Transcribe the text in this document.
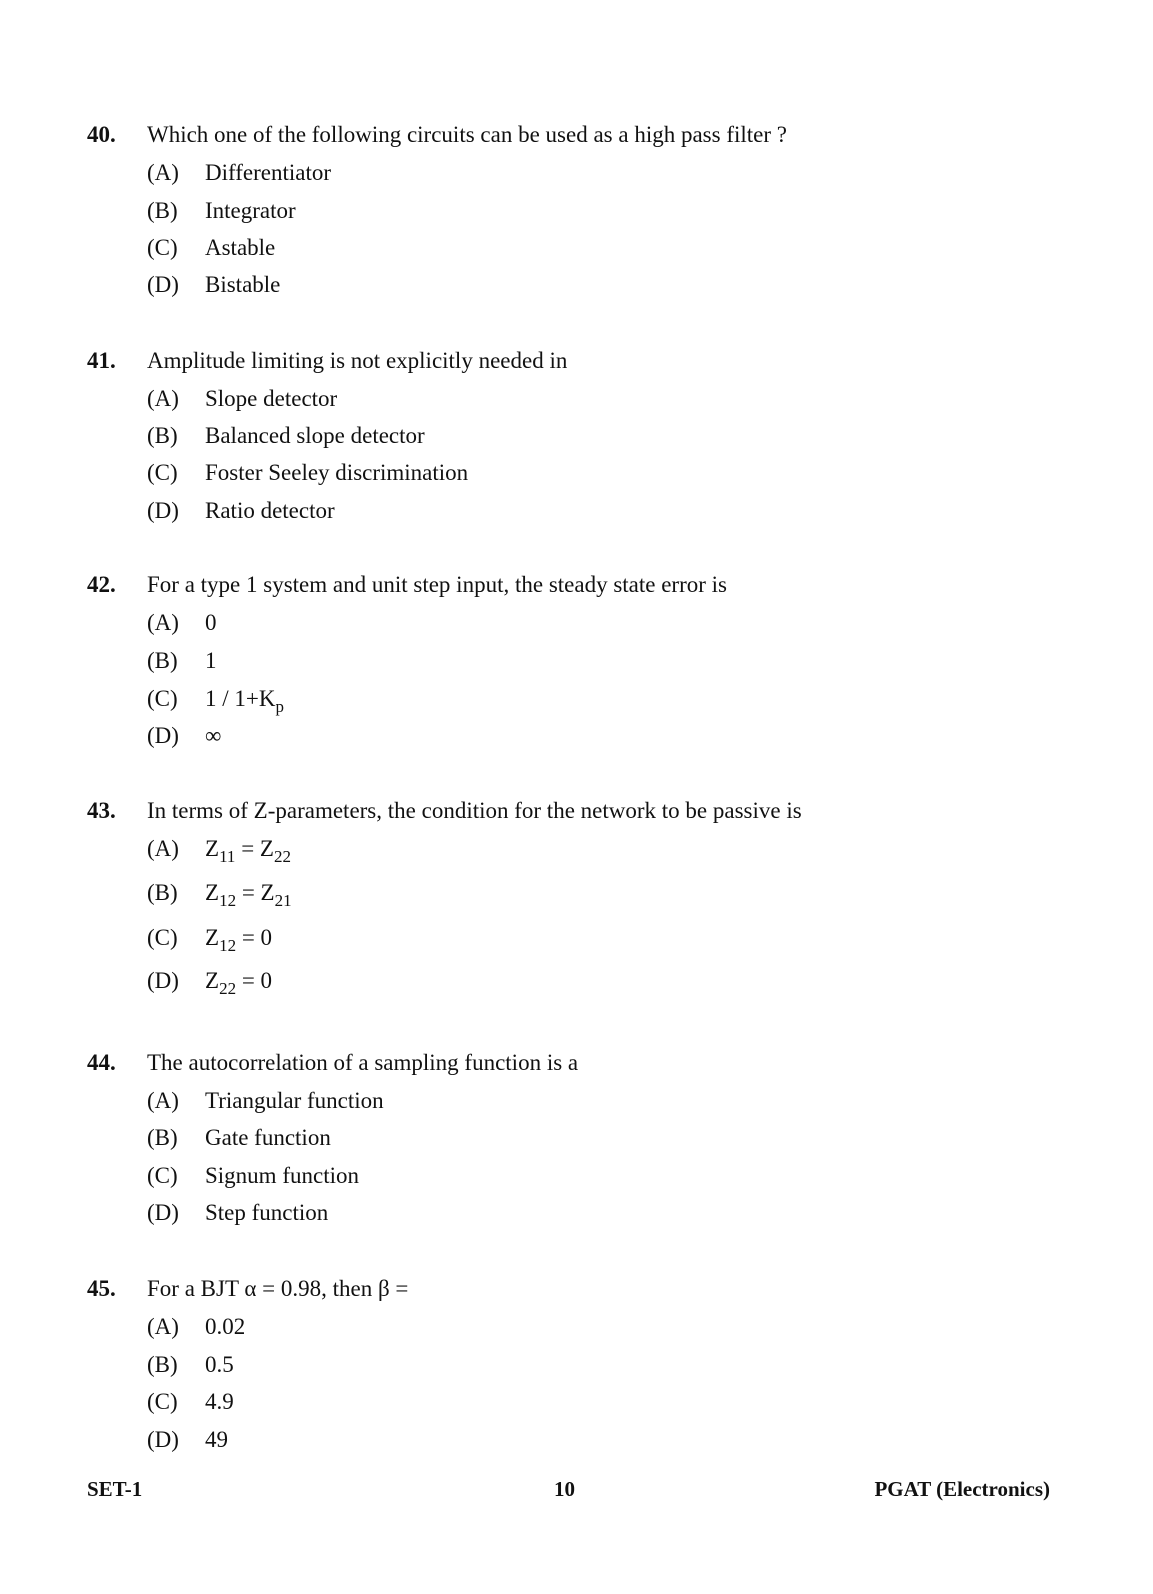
40. Which one of the following circuits can be used as a high pass filter ?
(A) Differentiator
(B) Integrator
(C) Astable
(D) Bistable
41. Amplitude limiting is not explicitly needed in
(A) Slope detector
(B) Balanced slope detector
(C) Foster Seeley discrimination
(D) Ratio detector
42. For a type 1 system and unit step input, the steady state error is
(A) 0
(B) 1
(C) $1 / 1+K_p$
(D) ∞
43. In terms of Z-parameters, the condition for the network to be passive is
(A) $Z_{11} = Z_{22}$
(B) $Z_{12} = Z_{21}$
(C) $Z_{12} = 0$
(D) $Z_{22} = 0$
44. The autocorrelation of a sampling function is a
(A) Triangular function
(B) Gate function
(C) Signum function
(D) Step function
45. For a BJT α = 0.98, then β =
(A) 0.02
(B) 0.5
(C) 4.9
(D) 49
SET-1	10	PGAT (Electronics)
